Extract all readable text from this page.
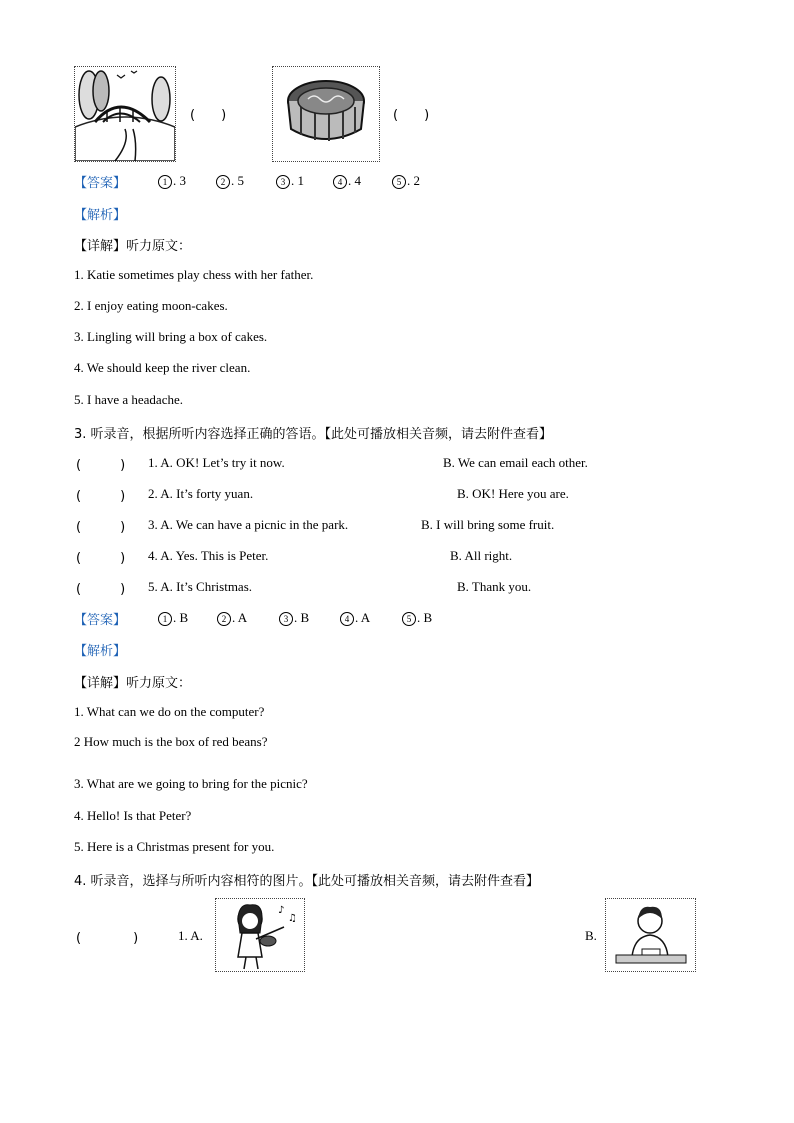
(　　)	(　　)
【答案】	1 . 3	2 . 5	3 . 1	4 . 4	5 . 2
【解析】
【详解】听力原文：
1. Katie sometimes play chess with her father.
2. I enjoy eating moon-cakes.
3. Lingling will bring a box of cakes.
4. We should keep the river clean.
5. I have a headache.
3. 听录音，根据所听内容选择正确的答语。【此处可播放相关音频，请去附件查看】
(　　　) 1. A. OK! Let’s try it now.	B. We can email each other.
(　　　) 2. A. It’s forty yuan.	B. OK! Here you are.
(　　　) 3. A. We can have a picnic in the park.	B. I will bring some fruit.
(　　　) 4. A. Yes. This is Peter.	B. All right.
(　　　) 5. A. It’s Christmas.	B. Thank you.
【答案】	1 . B	2 . A	3 . B	4 . A	5 . B
【解析】
【详解】听力原文：
1. What can we do on the computer?
2 How much is the box of red beans?
3. What are we going to bring for the picnic?
4. Hello! Is that Peter?
5. Here is a Christmas present for you.
4. 听录音，选择与所听内容相符的图片。【此处可播放相关音频，请去附件查看】
(　　　　)	1. A.
♪
♫
B.
